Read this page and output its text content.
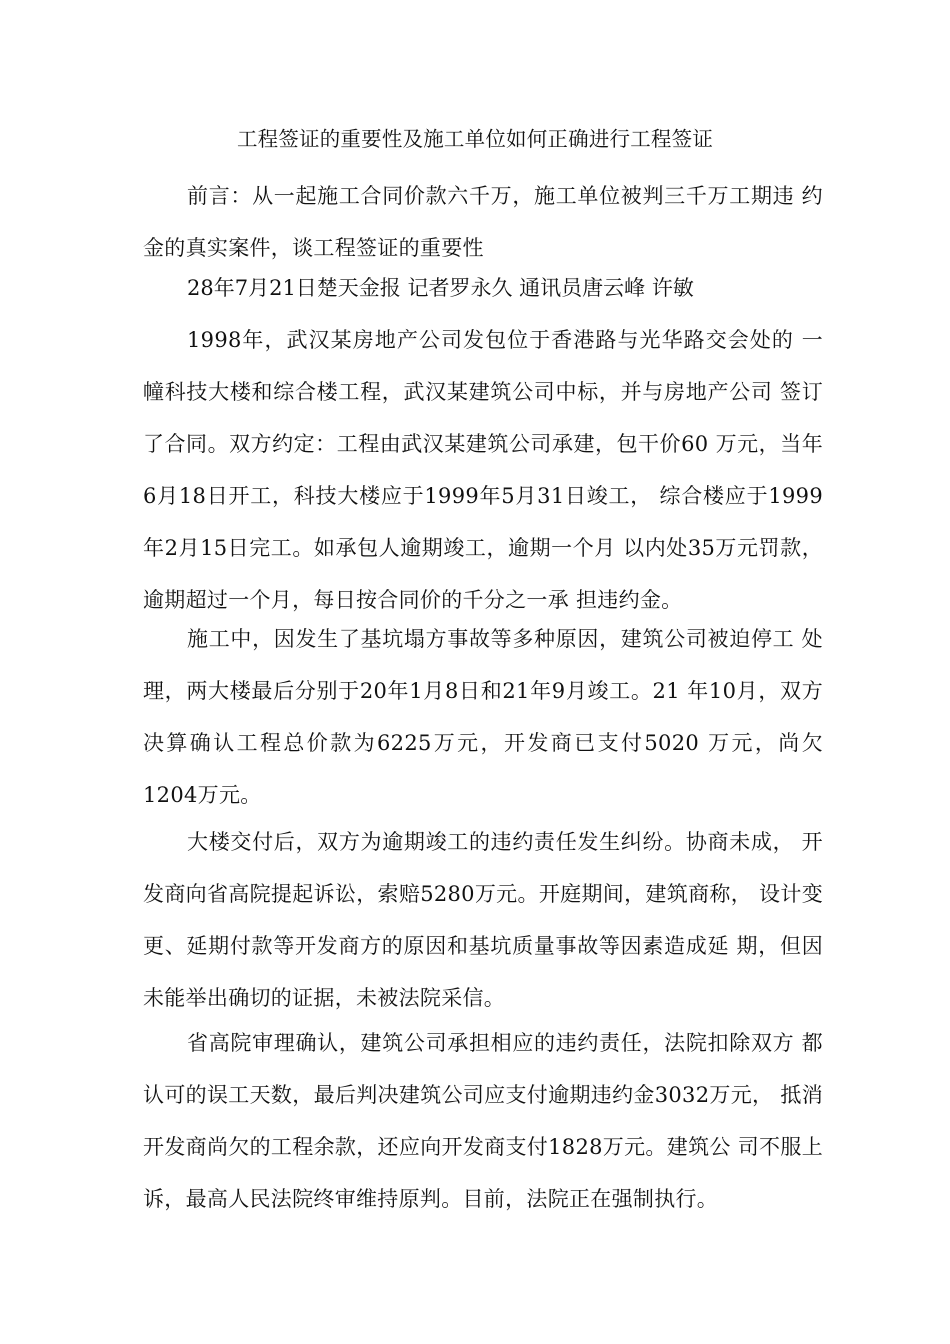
工程签证的重要性及施工单位如何正确进行工程签证
前言：从一起施工合同价款六千万，施工单位被判三千万工期违 约金的真实案件，谈工程签证的重要性
28年7月21日楚天金报 记者罗永久 通讯员唐云峰 许敏
1998年，武汉某房地产公司发包位于香港路与光华路交会处的 一幢科技大楼和综合楼工程，武汉某建筑公司中标，并与房地产公司 签订了合同。双方约定：工程由武汉某建筑公司承建，包干价60 万元，当年6月18日开工，科技大楼应于1999年5月31日竣工， 综合楼应于1999年2月15日完工。如承包人逾期竣工，逾期一个月 以内处35万元罚款，逾期超过一个月，每日按合同价的千分之一承 担违约金。
施工中，因发生了基坑塌方事故等多种原因，建筑公司被迫停工 处理，两大楼最后分别于20年1月8日和21年9月竣工。21 年10月，双方决算确认工程总价款为6225万元，开发商已支付5020 万元，尚欠1204万元。
大楼交付后，双方为逾期竣工的违约责任发生纠纷。协商未成， 开发商向省高院提起诉讼，索赔5280万元。开庭期间，建筑商称， 设计变更、延期付款等开发商方的原因和基坑质量事故等因素造成延 期，但因未能举出确切的证据，未被法院采信。
省高院审理确认，建筑公司承担相应的违约责任，法院扣除双方 都认可的误工天数，最后判决建筑公司应支付逾期违约金3032万元， 抵消开发商尚欠的工程余款，还应向开发商支付1828万元。建筑公 司不服上诉，最高人民法院终审维持原判。目前，法院正在强制执行。
